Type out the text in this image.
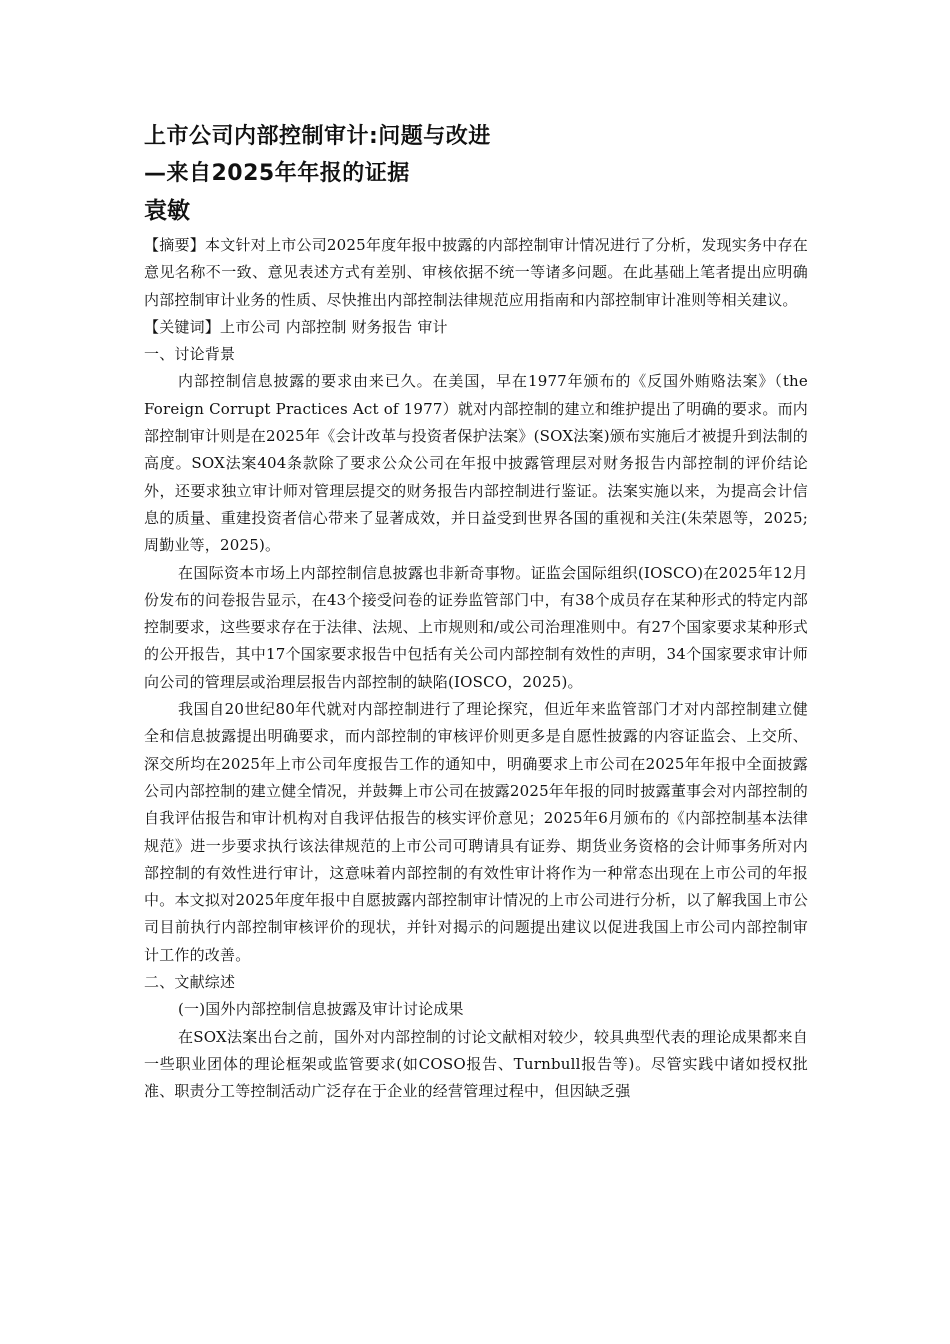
上市公司内部控制审计:问题与改进
—来自2025年年报的证据
袁敏

【摘要】本文针对上市公司2025年度年报中披露的内部控制审计情况进行了分析，发现实务中存在意见名称不一致、意见表述方式有差别、审核依据不统一等诸多问题。在此基础上笔者提出应明确内部控制审计业务的性质、尽快推出内部控制法律规范应用指南和内部控制审计准则等相关建议。

【关键词】上市公司 内部控制 财务报告 审计

一、讨论背景

内部控制信息披露的要求由来已久。在美国，早在1977年颁布的《反国外贿赂法案》（the Foreign Corrupt Practices Act of 1977）就对内部控制的建立和维护提出了明确的要求。而内部控制审计则是在2025年《会计改革与投资者保护法案》(SOX法案)颁布实施后才被提升到法制的高度。SOX法案404条款除了要求公众公司在年报中披露管理层对财务报告内部控制的评价结论外，还要求独立审计师对管理层提交的财务报告内部控制进行鉴证。法案实施以来，为提高会计信息的质量、重建投资者信心带来了显著成效，并日益受到世界各国的重视和关注(朱荣恩等，2025;周勤业等，2025)。

在国际资本市场上内部控制信息披露也非新奇事物。证监会国际组织(IOSCO)在2025年12月份发布的问卷报告显示，在43个接受问卷的证券监管部门中，有38个成员存在某种形式的特定内部控制要求，这些要求存在于法律、法规、上市规则和/或公司治理准则中。有27个国家要求某种形式的公开报告，其中17个国家要求报告中包括有关公司内部控制有效性的声明，34个国家要求审计师向公司的管理层或治理层报告内部控制的缺陷(IOSCO，2025)。

我国自20世纪80年代就对内部控制进行了理论探究，但近年来监管部门才对内部控制建立健全和信息披露提出明确要求，而内部控制的审核评价则更多是自愿性披露的内容证监会、上交所、深交所均在2025年上市公司年度报告工作的通知中，明确要求上市公司在2025年年报中全面披露公司内部控制的建立健全情况，并鼓舞上市公司在披露2025年年报的同时披露董事会对内部控制的自我评估报告和审计机构对自我评估报告的核实评价意见；2025年6月颁布的《内部控制基本法律规范》进一步要求执行该法律规范的上市公司可聘请具有证券、期货业务资格的会计师事务所对内部控制的有效性进行审计，这意味着内部控制的有效性审计将作为一种常态出现在上市公司的年报中。本文拟对2025年度年报中自愿披露内部控制审计情况的上市公司进行分析，以了解我国上市公司目前执行内部控制审核评价的现状，并针对揭示的问题提出建议以促进我国上市公司内部控制审计工作的改善。

二、文献综述

(一)国外内部控制信息披露及审计讨论成果

在SOX法案出台之前，国外对内部控制的讨论文献相对较少，较具典型代表的理论成果都来自一些职业团体的理论框架或监管要求(如COSO报告、Turnbull报告等)。尽管实践中诸如授权批准、职责分工等控制活动广泛存在于企业的经营管理过程中，但因缺乏强
